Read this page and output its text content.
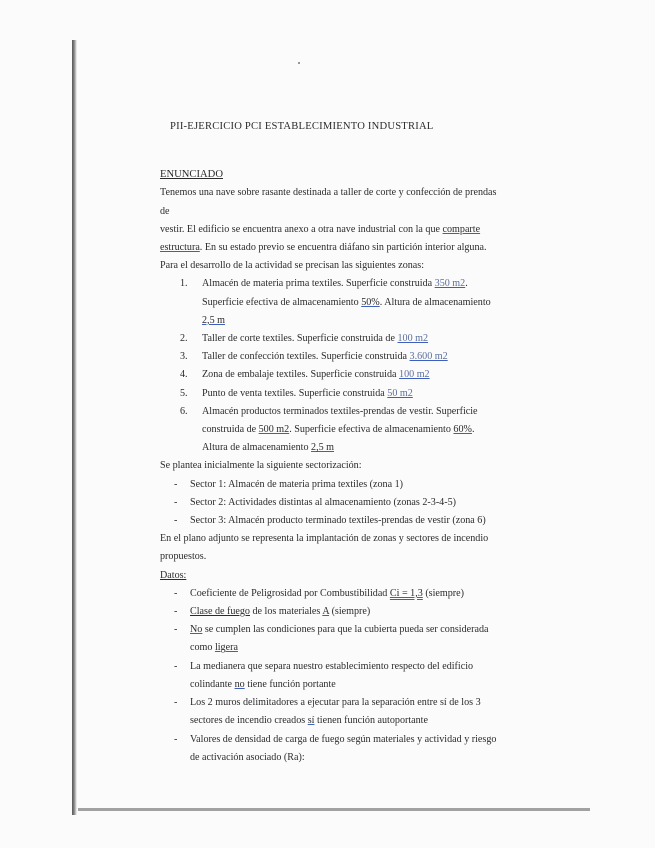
PII-EJERCICIO PCI ESTABLECIMIENTO INDUSTRIAL

ENUNCIADO

Tenemos una nave sobre rasante destinada a taller de corte y confección de prendas de

vestir. El edificio se encuentra anexo a otra nave industrial con la que comparte

estructura. En su estado previo se encuentra diáfano sin partición interior alguna.

Para el desarrollo de la actividad se precisan las siguientes zonas:

1. Almacén de materia prima textiles. Superficie construida 350 m2. Superficie efectiva de almacenamiento 50%. Altura de almacenamiento 2,5 m
2. Taller de corte textiles. Superficie construida de 100 m2
3. Taller de confección textiles. Superficie construida 3.600 m2
4. Zona de embalaje textiles. Superficie construida 100 m2
5. Punto de venta textiles. Superficie construida 50 m2
6. Almacén productos terminados textiles-prendas de vestir. Superficie construida de 500 m2. Superficie efectiva de almacenamiento 60%. Altura de almacenamiento 2,5 m

Se plantea inicialmente la siguiente sectorización:

- Sector 1: Almacén de materia prima textiles (zona 1)
- Sector 2: Actividades distintas al almacenamiento (zonas 2-3-4-5)
- Sector 3: Almacén producto terminado textiles-prendas de vestir (zona 6)

En el plano adjunto se representa la implantación de zonas y sectores de incendio propuestos.

Datos:

- Coeficiente de Peligrosidad por Combustibilidad Ci = 1,3 (siempre)
- Clase de fuego de los materiales A (siempre)
- No se cumplen las condiciones para que la cubierta pueda ser considerada como ligera
- La medianera que separa nuestro establecimiento respecto del edificio colindante no tiene función portante
- Los 2 muros delimitadores a ejecutar para la separación entre sí de los 3 sectores de incendio creados sí tienen función autoportante
- Valores de densidad de carga de fuego según materiales y actividad y riesgo de activación asociado (Ra):
